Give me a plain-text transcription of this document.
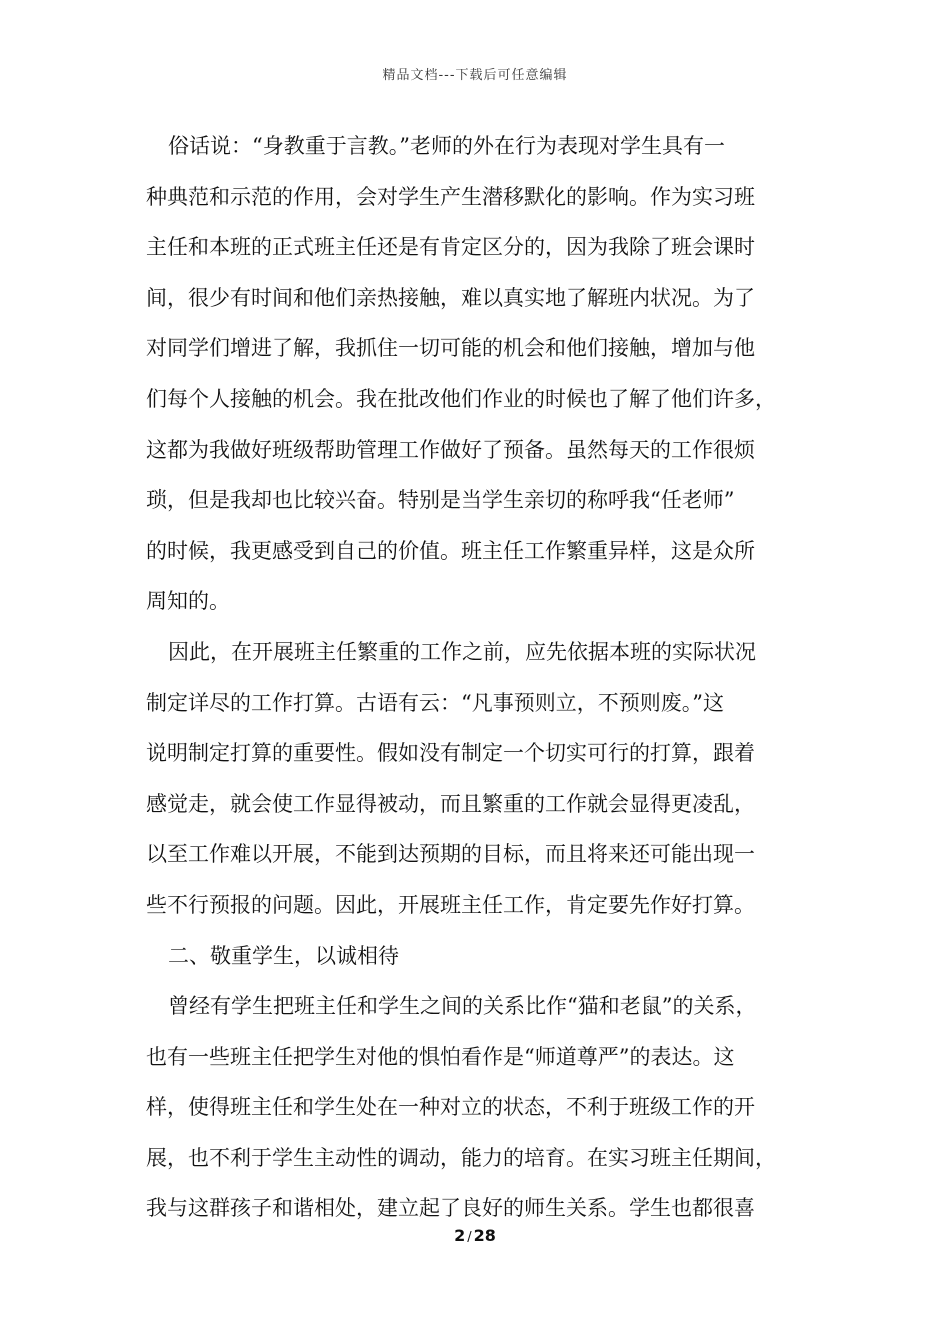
精品文档---下载后可任意编辑
俗话说：“身教重于言教。”老师的外在行为表现对学生具有一
种典范和示范的作用，会对学生产生潜移默化的影响。作为实习班
主任和本班的正式班主任还是有肯定区分的，因为我除了班会课时
间，很少有时间和他们亲热接触，难以真实地了解班内状况。为了
对同学们增进了解，我抓住一切可能的机会和他们接触，增加与他
们每个人接触的机会。我在批改他们作业的时候也了解了他们许多，
这都为我做好班级帮助管理工作做好了预备。虽然每天的工作很烦
琐，但是我却也比较兴奋。特别是当学生亲切的称呼我“任老师”
的时候，我更感受到自己的价值。班主任工作繁重异样，这是众所
周知的。
因此，在开展班主任繁重的工作之前，应先依据本班的实际状况
制定详尽的工作打算。古语有云：“凡事预则立，不预则废。”这
说明制定打算的重要性。假如没有制定一个切实可行的打算，跟着
感觉走，就会使工作显得被动，而且繁重的工作就会显得更凌乱，
以至工作难以开展，不能到达预期的目标，而且将来还可能出现一
些不行预报的问题。因此，开展班主任工作，肯定要先作好打算。
二、敬重学生，以诚相待
曾经有学生把班主任和学生之间的关系比作“猫和老鼠”的关系，
也有一些班主任把学生对他的惧怕看作是“师道尊严”的表达。这
样，使得班主任和学生处在一种对立的状态，不利于班级工作的开
展，也不利于学生主动性的调动，能力的培育。在实习班主任期间，
我与这群孩子和谐相处，建立起了良好的师生关系。学生也都很喜
2 / 28
